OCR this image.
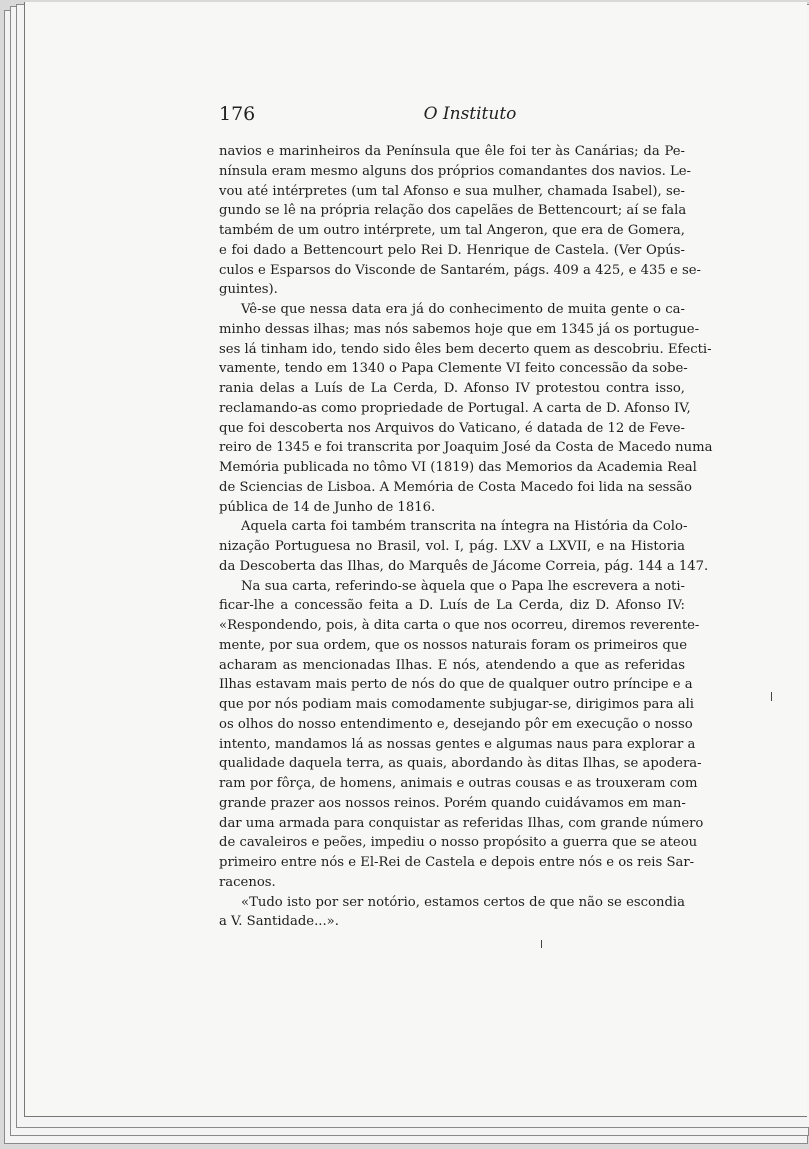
176	O Instituto
navios e marinheiros da Península que êle foi ter às Canárias; da Pe-
nínsula eram mesmo alguns dos próprios comandantes dos navios. Le-
vou até intérpretes (um tal Afonso e sua mulher, chamada Isabel), se-
gundo se lê na própria relação dos capelães de Bettencourt; aí se fala
também de um outro intérprete, um tal Angeron, que era de Gomera,
e foi dado a Bettencourt pelo Rei D. Henrique de Castela. (Ver Opús-
culos e Esparsos do Visconde de Santarém, págs. 409 a 425, e 435 e se-
guintes).
Vê-se que nessa data era já do conhecimento de muita gente o ca-
minho dessas ilhas; mas nós sabemos hoje que em 1345 já os portugue-
ses lá tinham ido, tendo sido êles bem decerto quem as descobriu. Efecti-
vamente, tendo em 1340 o Papa Clemente VI feito concessão da sobe-
rania delas a Luís de La Cerda, D. Afonso IV protestou contra isso,
reclamando-as como propriedade de Portugal. A carta de D. Afonso IV,
que foi descoberta nos Arquivos do Vaticano, é datada de 12 de Feve-
reiro de 1345 e foi transcrita por Joaquim José da Costa de Macedo numa
Memória publicada no tômo VI (1819) das Memorios da Academia Real
de Sciencias de Lisboa. A Memória de Costa Macedo foi lida na sessão
pública de 14 de Junho de 1816.
Aquela carta foi também transcrita na íntegra na História da Colo-
nização Portuguesa no Brasil, vol. I, pág. LXV a LXVII, e na Historia
da Descoberta das Ilhas, do Marquês de Jácome Correia, pág. 144 a 147.
Na sua carta, referindo-se àquela que o Papa lhe escrevera a noti-
ficar-lhe a concessão feita a D. Luís de La Cerda, diz D. Afonso IV:
«Respondendo, pois, à dita carta o que nos ocorreu, diremos reverente-
mente, por sua ordem, que os nossos naturais foram os primeiros que
acharam as mencionadas Ilhas. E nós, atendendo a que as referidas
Ilhas estavam mais perto de nós do que de qualquer outro príncipe e a
que por nós podiam mais comodamente subjugar-se, dirigimos para ali
os olhos do nosso entendimento e, desejando pôr em execução o nosso
intento, mandamos lá as nossas gentes e algumas naus para explorar a
qualidade daquela terra, as quais, abordando às ditas Ilhas, se apodera-
ram por fôrça, de homens, animais e outras cousas e as trouxeram com
grande prazer aos nossos reinos. Porém quando cuidávamos em man-
dar uma armada para conquistar as referidas Ilhas, com grande número
de cavaleiros e peões, impediu o nosso propósito a guerra que se ateou
primeiro entre nós e El-Rei de Castela e depois entre nós e os reis Sar-
racenos.
«Tudo isto por ser notório, estamos certos de que não se escondia
a V. Santidade...».
